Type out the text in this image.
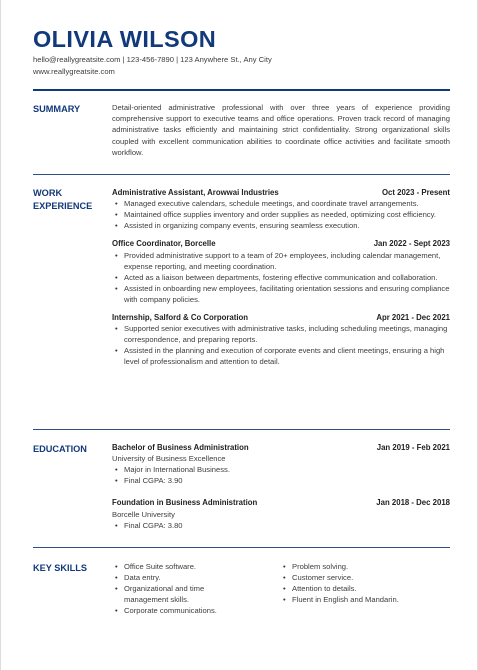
OLIVIA WILSON
hello@reallygreatsite.com | 123-456-7890 | 123 Anywhere St., Any City
www.reallygreatsite.com
SUMMARY	Detail-oriented administrative professional with over three years of experience providing comprehensive support to executive teams and office operations. Proven track record of managing administrative tasks efficiently and maintaining strict confidentiality. Strong organizational skills coupled with excellent communication abilities to coordinate office activities and facilitate smooth workflow.
WORK
EXPERIENCE
Administrative Assistant, Arowwai Industries	Oct 2023 - Present
• Managed executive calendars, schedule meetings, and coordinate travel arrangements.
• Maintained office supplies inventory and order supplies as needed, optimizing cost efficiency.
• Assisted in organizing company events, ensuring seamless execution.
Office Coordinator, Borcelle	Jan 2022 - Sept 2023
• Provided administrative support to a team of 20+ employees, including calendar management, expense reporting, and meeting coordination.
• Acted as a liaison between departments, fostering effective communication and collaboration.
• Assisted in onboarding new employees, facilitating orientation sessions and ensuring compliance with company policies.
Internship, Salford & Co Corporation	Apr 2021 - Dec 2021
• Supported senior executives with administrative tasks, including scheduling meetings, managing correspondence, and preparing reports.
• Assisted in the planning and execution of corporate events and client meetings, ensuring a high level of professionalism and attention to detail.
EDUCATION	Bachelor of Business Administration	Jan 2019 - Feb 2021
University of Business Excellence
• Major in International Business.
• Final CGPA: 3.90
Foundation in Business Administration	Jan 2018 - Dec 2018
Borcelle University
• Final CGPA: 3.80
KEY SKILLS
•	Office Suite software.
• Data entry.
• Organizational and time management skills.
• Corporate communications.
• Problem solving.
• Customer service.
• Attention to details.
• Fluent in English and Mandarin.
